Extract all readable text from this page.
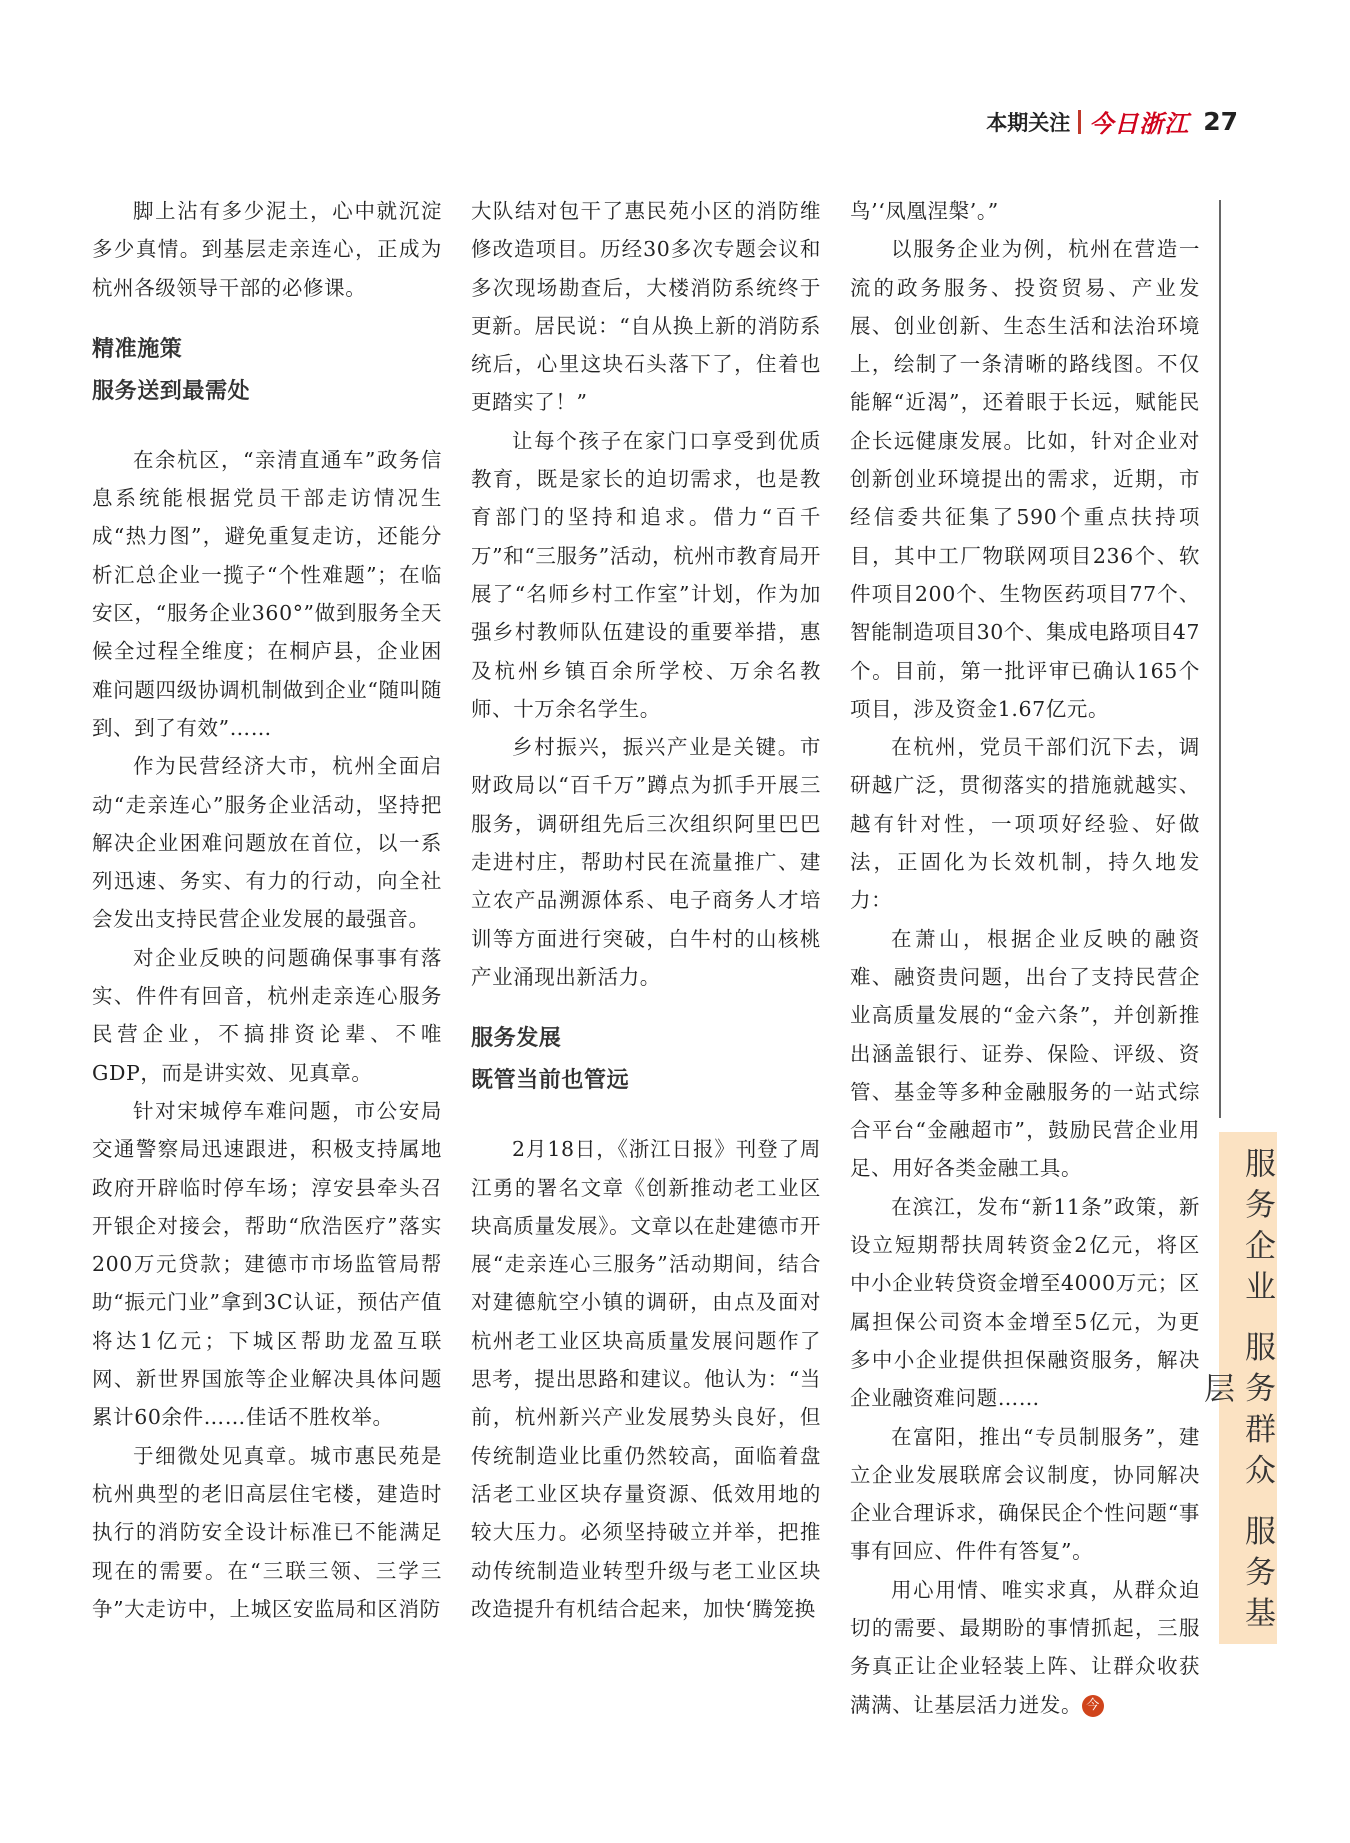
本期关注 今日浙江 27

脚上沾有多少泥土，心中就沉淀多少真情。到基层走亲连心，正成为杭州各级领导干部的必修课。

精准施策
服务送到最需处

在余杭区，“亲清直通车”政务信息系统能根据党员干部走访情况生成“热力图”，避免重复走访，还能分析汇总企业一揽子“个性难题”；在临安区，“服务企业360°”做到服务全天候全过程全维度；在桐庐县，企业困难问题四级协调机制做到企业“随叫随到、到了有效”……

作为民营经济大市，杭州全面启动“走亲连心”服务企业活动，坚持把解决企业困难问题放在首位，以一系列迅速、务实、有力的行动，向全社会发出支持民营企业发展的最强音。

对企业反映的问题确保事事有落实、件件有回音，杭州走亲连心服务民营企业，不搞排资论辈、不唯GDP，而是讲实效、见真章。

针对宋城停车难问题，市公安局交通警察局迅速跟进，积极支持属地政府开辟临时停车场；淳安县牵头召开银企对接会，帮助“欣浩医疗”落实200万元贷款；建德市市场监管局帮助“振元门业”拿到3C认证，预估产值将达1亿元；下城区帮助龙盈互联网、新世界国旅等企业解决具体问题累计60余件……佳话不胜枚举。

于细微处见真章。城市惠民苑是杭州典型的老旧高层住宅楼，建造时执行的消防安全设计标准已不能满足现在的需要。在“三联三领、三学三争”大走访中，上城区安监局和区消防

大队结对包干了惠民苑小区的消防维修改造项目。历经30多次专题会议和多次现场勘查后，大楼消防系统终于更新。居民说：“自从换上新的消防系统后，心里这块石头落下了，住着也更踏实了！”

让每个孩子在家门口享受到优质教育，既是家长的迫切需求，也是教育部门的坚持和追求。借力“百千万”和“三服务”活动，杭州市教育局开展了“名师乡村工作室”计划，作为加强乡村教师队伍建设的重要举措，惠及杭州乡镇百余所学校、万余名教师、十万余名学生。

乡村振兴，振兴产业是关键。市财政局以“百千万”蹲点为抓手开展三服务，调研组先后三次组织阿里巴巴走进村庄，帮助村民在流量推广、建立农产品溯源体系、电子商务人才培训等方面进行突破，白牛村的山核桃产业涌现出新活力。

服务发展
既管当前也管远

2月18日，《浙江日报》刊登了周江勇的署名文章《创新推动老工业区块高质量发展》。文章以在赴建德市开展“走亲连心三服务”活动期间，结合对建德航空小镇的调研，由点及面对杭州老工业区块高质量发展问题作了思考，提出思路和建议。他认为：“当前，杭州新兴产业发展势头良好，但传统制造业比重仍然较高，面临着盘活老工业区块存量资源、低效用地的较大压力。必须坚持破立并举，把推动传统制造业转型升级与老工业区块改造提升有机结合起来，加快‘腾笼换

鸟’‘凤凰涅槃’。”

以服务企业为例，杭州在营造一流的政务服务、投资贸易、产业发展、创业创新、生态生活和法治环境上，绘制了一条清晰的路线图。不仅能解“近渴”，还着眼于长远，赋能民企长远健康发展。比如，针对企业对创新创业环境提出的需求，近期，市经信委共征集了590个重点扶持项目，其中工厂物联网项目236个、软件项目200个、生物医药项目77个、智能制造项目30个、集成电路项目47个。目前，第一批评审已确认165个项目，涉及资金1.67亿元。

在杭州，党员干部们沉下去，调研越广泛，贯彻落实的措施就越实、越有针对性，一项项好经验、好做法，正固化为长效机制，持久地发力：

在萧山，根据企业反映的融资难、融资贵问题，出台了支持民营企业高质量发展的“金六条”，并创新推出涵盖银行、证券、保险、评级、资管、基金等多种金融服务的一站式综合平台“金融超市”，鼓励民营企业用足、用好各类金融工具。

在滨江，发布“新11条”政策，新设立短期帮扶周转资金2亿元，将区中小企业转贷资金增至4000万元；区属担保公司资本金增至5亿元，为更多中小企业提供担保融资服务，解决企业融资难问题……

在富阳，推出“专员制服务”，建立企业发展联席会议制度，协同解决企业合理诉求，确保民企个性问题“事事有回应、件件有答复”。

用心用情、唯实求真，从群众迫切的需要、最期盼的事情抓起，三服务真正让企业轻装上阵、让群众收获满满、让基层活力迸发。 今

服务企业 服务群众 服务基层
